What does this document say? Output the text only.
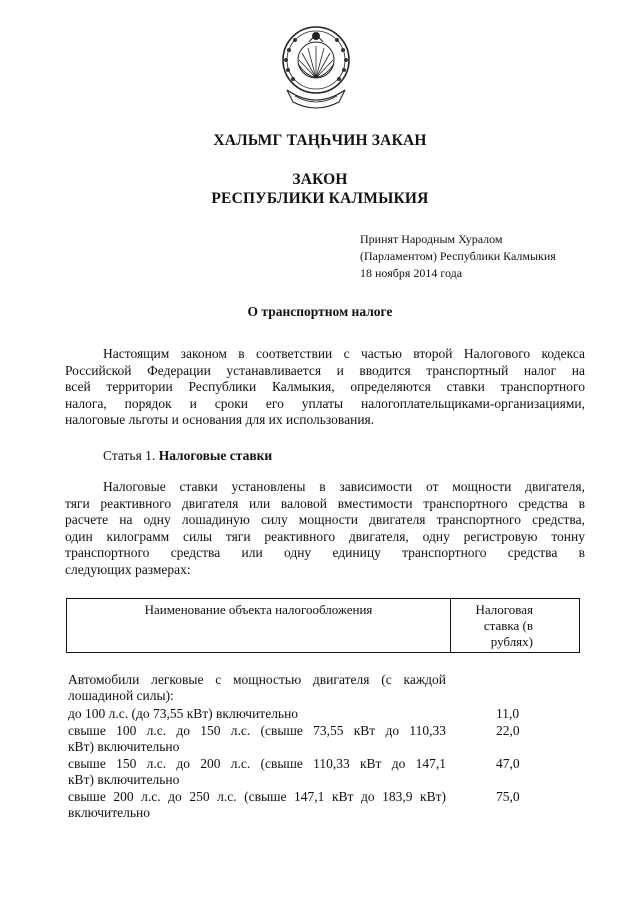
ХАЛЬМГ ТАҢҺЧИН ЗАКАН
ЗАКОН
РЕСПУБЛИКИ КАЛМЫКИЯ
Принят Народным Хуралом
(Парламентом) Республики Калмыкия
18 ноября 2014 года
О транспортном налоге
Настоящим законом в соответствии с частью второй Налогового кодекса
Российской Федерации устанавливается и вводится транспортный налог на
всей территории Республики Калмыкия, определяются ставки транспортного
налога, порядок и сроки его уплаты налогоплательщиками-организациями,
налоговые льготы и основания для их использования.
Статья 1. Налоговые ставки
Налоговые ставки установлены в зависимости от мощности двигателя,
тяги реактивного двигателя или валовой вместимости транспортного средства в
расчете на одну лошадиную силу мощности двигателя транспортного средства,
один килограмм силы тяги реактивного двигателя, одну регистровую тонну
транспортного средства или одну единицу транспортного средства в
следующих размерах:
Наименование объекта налогообложения	Налоговая
ставка (в
рублях)
Автомобили легковые с мощностью двигателя (с каждой
лошадиной силы):
до 100 л.с. (до 73,55 кВт) включительно	11,0
свыше 100 л.с. до 150 л.с. (свыше 73,55 кВт до 110,33
кВт) включительно
22,0
свыше 150 л.с. до 200 л.с. (свыше 110,33 кВт до 147,1
кВт) включительно
47,0
свыше 200 л.с. до 250 л.с. (свыше 147,1 кВт до 183,9 кВт)
включительно
75,0
